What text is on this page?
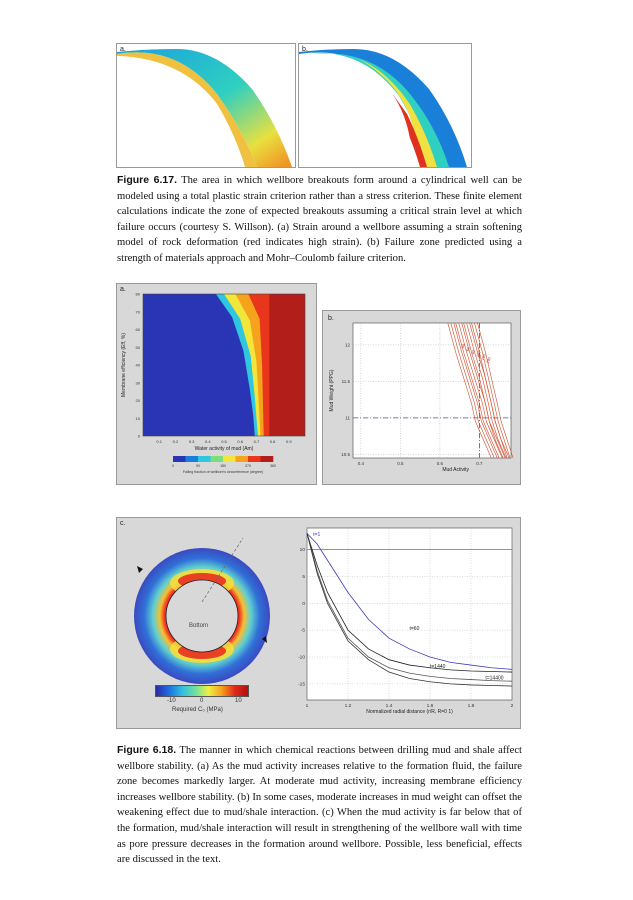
a.	b.
Figure 6.17. The area in which wellbore breakouts form around a cylindrical well can be modeled using a total plastic strain criterion rather than a stress criterion. These finite element calculations indicate the zone of expected breakouts assuming a critical strain level at which failure occurs (courtesy S. Willson). (a) Strain around a wellbore assuming a strain softening model of rock deformation (red indicates high strain). (b) Failure zone predicted using a strength of materials approach and Mohr–Coulomb failure criterion.
a.
0.1	0.2	0.3	0.4	0.5	0.6	0.7	0.8	0.9
0
10
20
30
40
50
60
70
80
Water activity of mud (Am)
Membrane efficiency (Eff, %)
0	90	180	270	360
Failing fraction of wellbore's circumference (degree)
b.
30
60
90 120 150 180
0.4	0.5	0.6	0.7
10.5
11
11.5
12
Mud Activity
Mud Weight (PPG)
c.
Bottom
-10	0	10
Required C₀ (MPa)
t=1
t=60
t=1440
t=14400
1	1.2	1.4	1.6	1.8	2
-15
-10
-5
0
5
10
Normalized radial distance (r/R, R=0 1)
Figure 6.18. The manner in which chemical reactions between drilling mud and shale affect wellbore stability. (a) As the mud activity increases relative to the formation fluid, the failure zone becomes markedly larger. At moderate mud activity, increasing membrane efficiency increases wellbore stability. (b) In some cases, moderate increases in mud weight can offset the weakening effect due to mud/shale interaction. (c) When the mud activity is far below that of the formation, mud/shale interaction will result in strengthening of the wellbore wall with time as pore pressure decreases in the formation around wellbore. Possible, less beneficial, effects are discussed in the text.
